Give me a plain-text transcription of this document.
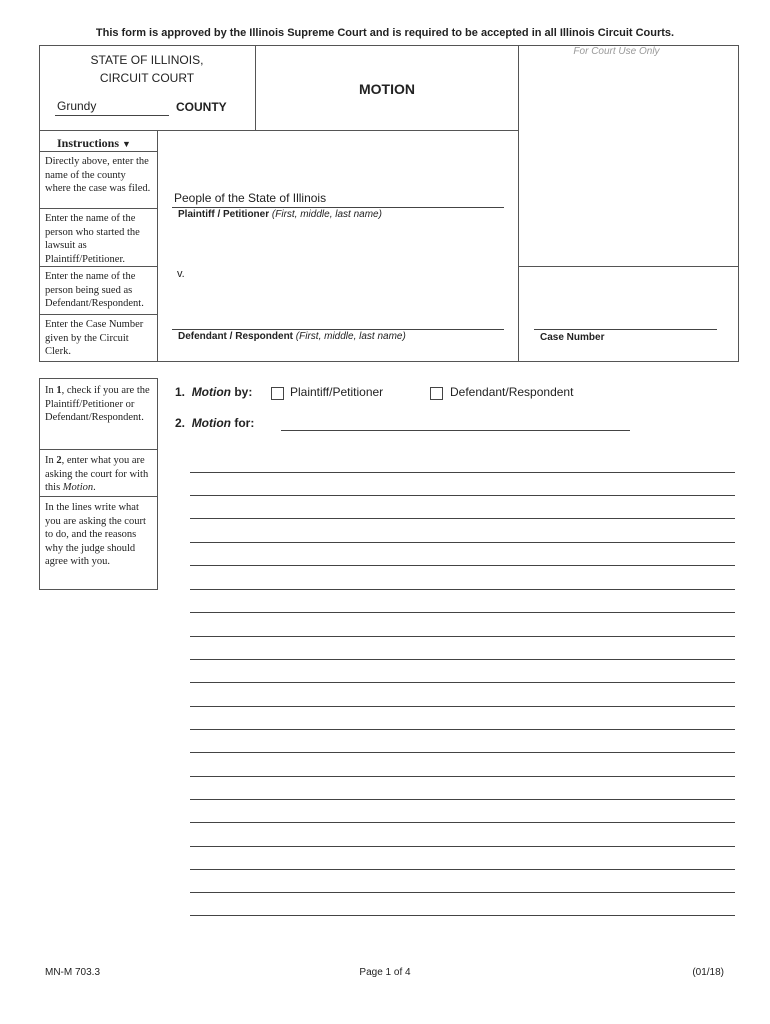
This form is approved by the Illinois Supreme Court and is required to be accepted in all Illinois Circuit Courts.
STATE OF ILLINOIS,
CIRCUIT COURT
Grundy	COUNTY
MOTION
For Court Use Only
Instructions ▼
Directly above, enter the name of the county where the case was filed.
Enter the name of the person who started the lawsuit as Plaintiff/Petitioner.
Enter the name of the person being sued as Defendant/Respondent.
Enter the Case Number given by the Circuit Clerk.
People of the State of Illinois
Plaintiff / Petitioner (First, middle, last name)
v.
Defendant / Respondent (First, middle, last name)	Case Number
In 1, check if you are the Plaintiff/Petitioner or Defendant/Respondent.
In 2, enter what you are asking the court for with this Motion.
In the lines write what you are asking the court to do, and the reasons why the judge should agree with you.
1. Motion by:	Plaintiff/Petitioner	Defendant/Respondent
2. Motion for:
MN-M 703.3	Page 1 of 4	(01/18)
